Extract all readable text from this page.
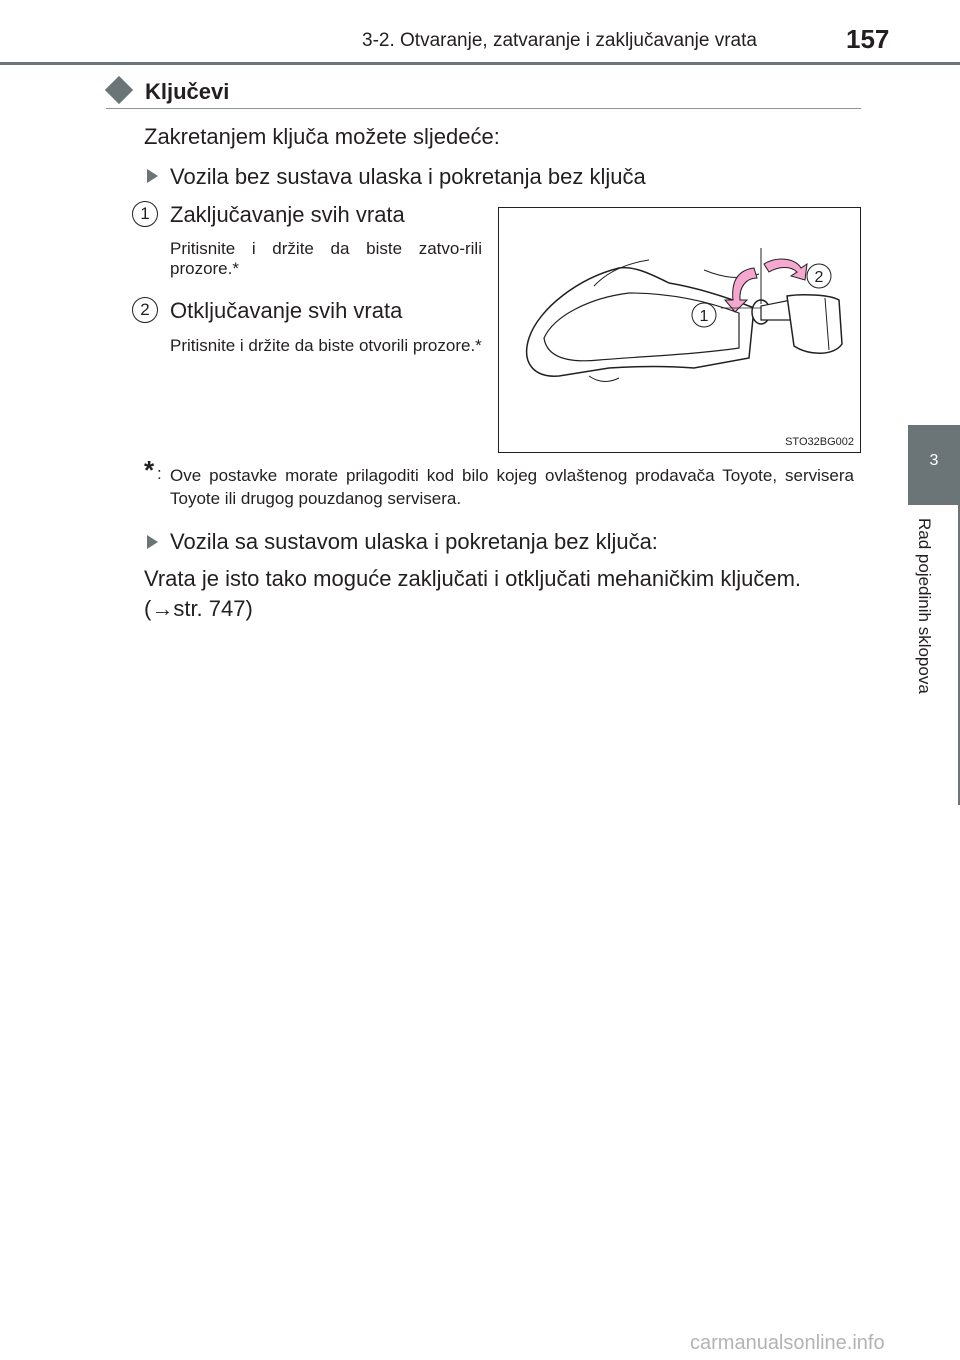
3-2. Otvaranje, zatvaranje i zaključavanje vrata	157
3
Rad pojedinih sklopova
Ključevi
Zakretanjem ključa možete sljedeće:
Vozila bez sustava ulaska i pokretanja bez ključa
1 Zaključavanje svih vrata
Pritisnite i držite da biste zatvo-rili prozore.*
2 Otključavanje svih vrata
Pritisnite i držite da biste otvorili prozore.*
1
2
STO32BG002
* : Ove postavke morate prilagoditi kod bilo kojeg ovlaštenog prodavača Toyote, servisera Toyote ili drugog pouzdanog servisera.
Vozila sa sustavom ulaska i pokretanja bez ključa:
Vrata je isto tako moguće zaključati i otključati mehaničkim ključem. (→str. 747)
carmanualsonline.info
